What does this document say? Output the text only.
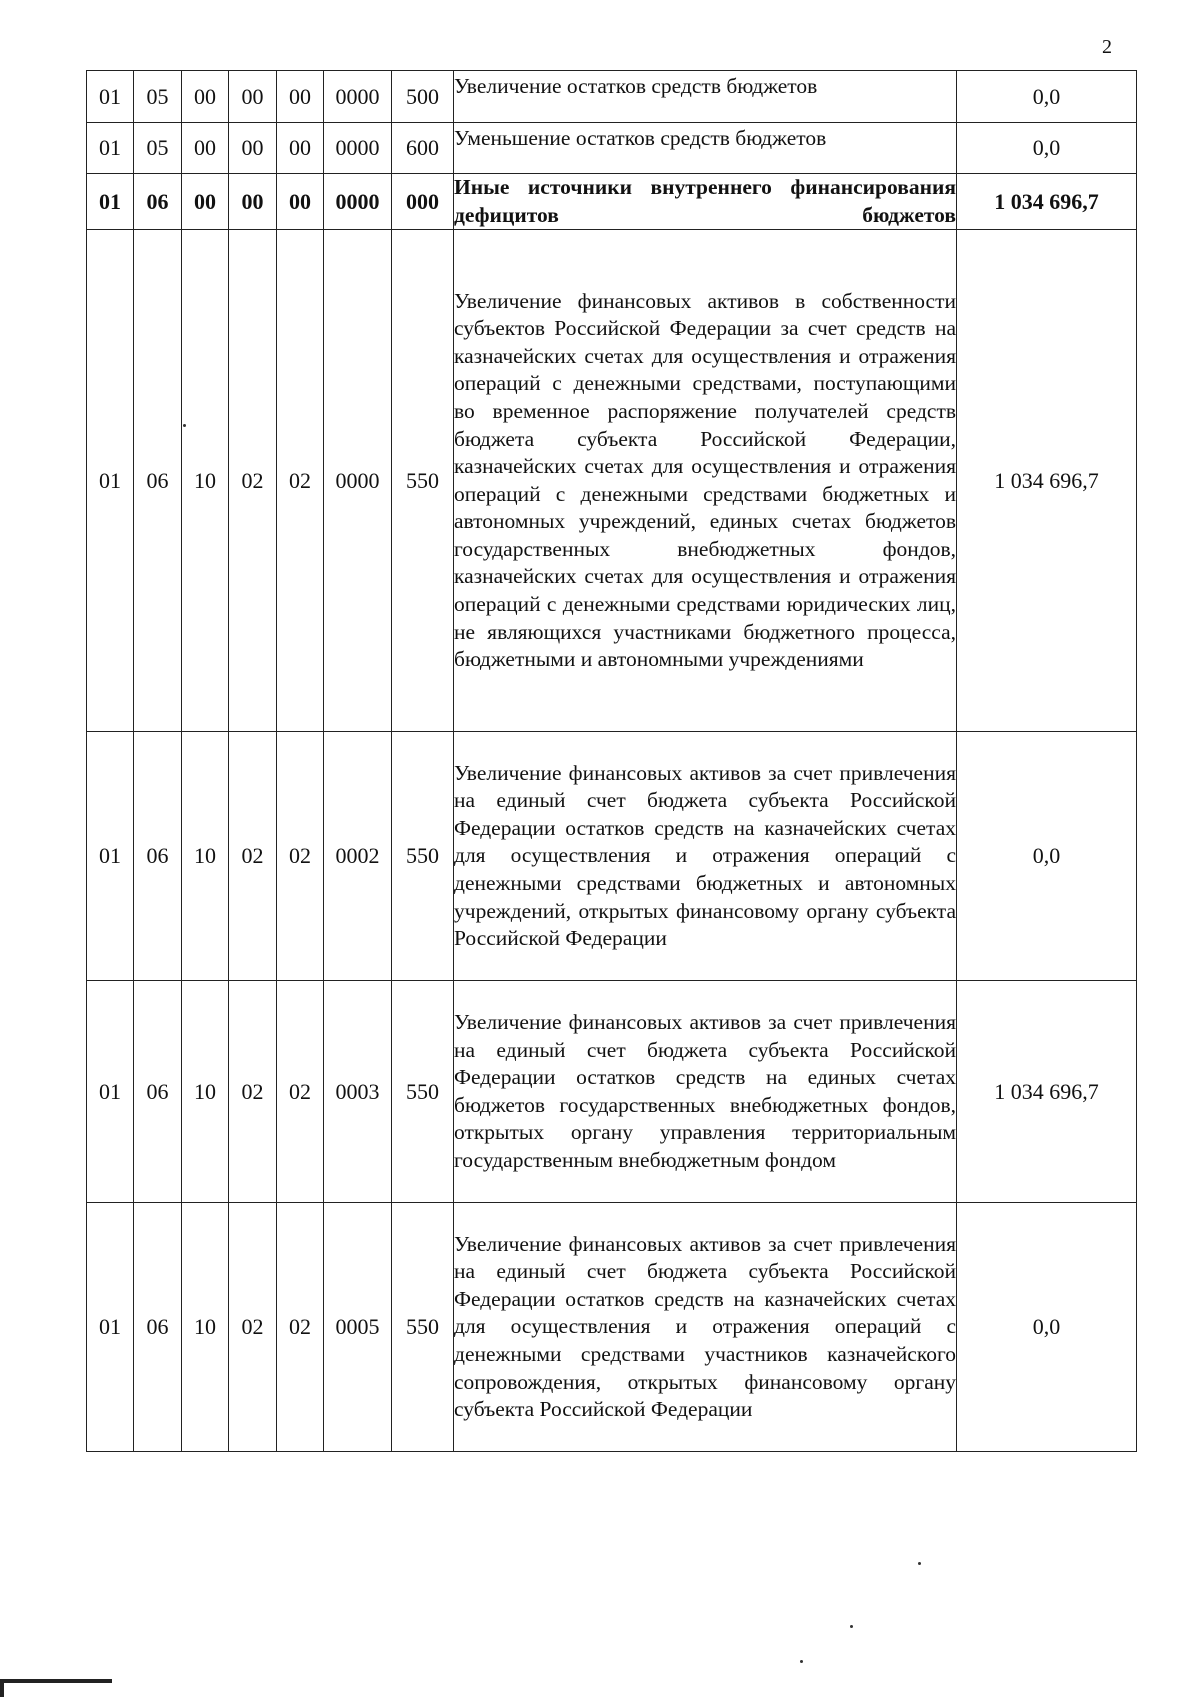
2
01	05	00	00	00	0000	500	Увеличение остатков средств бюджетов	0,0
01	05	00	00	00	0000	600	Уменьшение остатков средств бюджетов	0,0
01	06	00	00	00	0000	000	Иные источники внутреннего финансирования дефицитов бюджетов	1 034 696,7
01	06	10	02	02	0000	550	Увеличение финансовых активов в собственности субъектов Российской Федерации за счет средств на казначейских счетах для осуществления и отражения операций с денежными средствами, поступающими во временное распоряжение получателей средств бюджета субъекта Российской Федерации, казначейских счетах для осуществления и отражения операций с денежными средствами бюджетных и автономных учреждений, единых счетах бюджетов государственных внебюджетных фондов, казначейских счетах для осуществления и отражения операций с денежными средствами юридических лиц, не являющихся участниками бюджетного процесса, бюджетными и автономными учреждениями	1 034 696,7
01	06	10	02	02	0002	550	Увеличение финансовых активов за счет привлечения на единый счет бюджета субъекта Российской Федерации остатков средств на казначейских счетах для осуществления и отражения операций с денежными средствами бюджетных и автономных учреждений, открытых финансовому органу субъекта Российской Федерации	0,0
01	06	10	02	02	0003	550	Увеличение финансовых активов за счет привлечения на единый счет бюджета субъекта Российской Федерации остатков средств на единых счетах бюджетов государственных внебюджетных фондов, открытых органу управления территориальным государственным внебюджетным фондом	1 034 696,7
01	06	10	02	02	0005	550	Увеличение финансовых активов за счет привлечения на единый счет бюджета субъекта Российской Федерации остатков средств на казначейских счетах для осуществления и отражения операций с денежными средствами участников казначейского сопровождения, открытых финансовому органу субъекта Российской Федерации	0,0
